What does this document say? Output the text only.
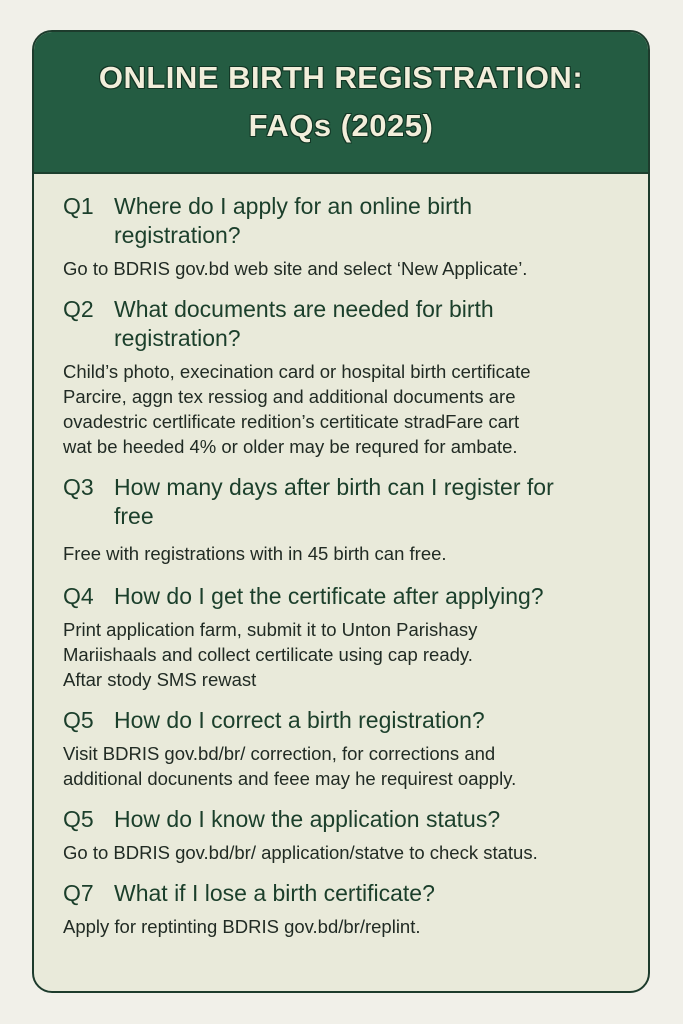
ONLINE BIRTH REGISTRATION:
FAQs (2025)
Q1 Where do I apply for an online birth registration?
Go to BDRIS gov.bd web site and select ‘New Applicate’.
Q2 What documents are needed for birth registration?
Child’s photo, execination card or hospital birth certificate
Parcire, aggn tex ressiog and additional documents are
ovadestric certlificate redition’s certiticate stradFare cart
wat be heeded 4% or older may be requred for ambate.
Q3 How many days after birth can I register for free
Free with registrations with in 45 birth can free.
Q4 How do I get the certificate after applying?
Print application farm, submit it to Unton Parishasy
Mariishaals and collect certilicate using cap ready.
Aftar stody SMS rewast
Q5 How do I correct a birth registration?
Visit BDRIS gov.bd/br/ correction, for corrections and
additional docunents and feee may he requirest oapply.
Q5 How do I know the application status?
Go to BDRIS gov.bd/br/ application/statve to check status.
Q7 What if I lose a birth certificate?
Apply for reptinting BDRIS gov.bd/br/replint.
